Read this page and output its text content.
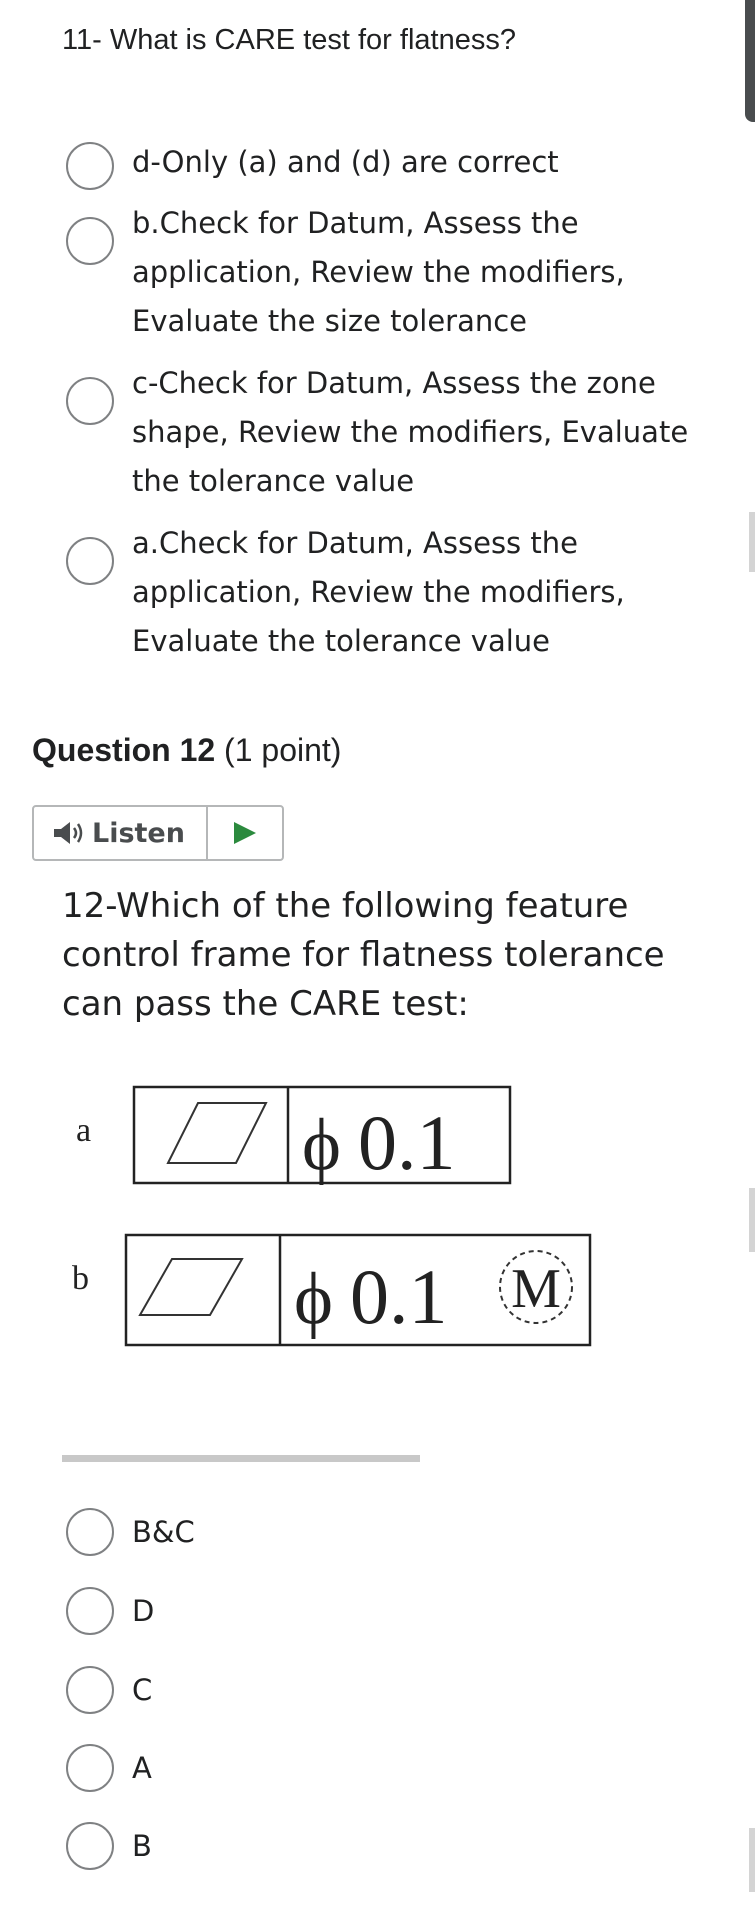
11- What is CARE test for flatness?
d-Only (a) and (d) are correct
b.Check for Datum, Assess the
application, Review the modifiers,
Evaluate the size tolerance
c-Check for Datum, Assess the zone
shape, Review the modifiers, Evaluate
the tolerance value
a.Check for Datum, Assess the
application, Review the modifiers,
Evaluate the tolerance value
Question 12 (1 point)
Listen
12-Which of the following feature
control frame for flatness tolerance
can pass the CARE test:
a	ϕ 0.1
b	ϕ 0.1 M
B&C
D
C
A
B
